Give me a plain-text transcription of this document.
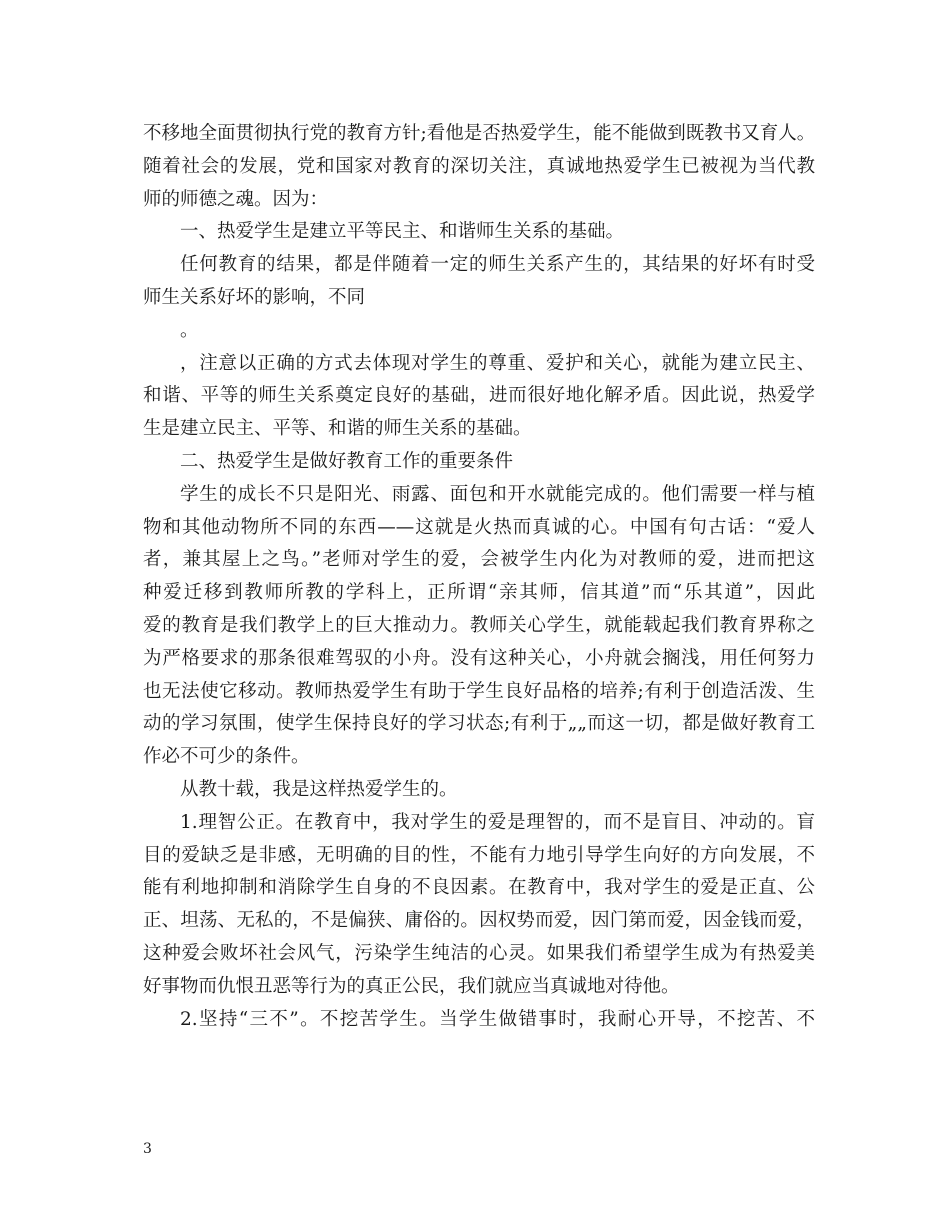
不移地全面贯彻执行党的教育方针;看他是否热爱学生，能不能做到既教书又育人。
随着社会的发展，党和国家对教育的深切关注，真诚地热爱学生已被视为当代教
师的师德之魂。因为：
一、热爱学生是建立平等民主、和谐师生关系的基础。
任何教育的结果，都是伴随着一定的师生关系产生的，其结果的好坏有时受
师生关系好坏的影响，不同
。
，注意以正确的方式去体现对学生的尊重、爱护和关心，就能为建立民主、
和谐、平等的师生关系奠定良好的基础，进而很好地化解矛盾。因此说，热爱学
生是建立民主、平等、和谐的师生关系的基础。
二、热爱学生是做好教育工作的重要条件
学生的成长不只是阳光、雨露、面包和开水就能完成的。他们需要一样与植
物和其他动物所不同的东西——这就是火热而真诚的心。中国有句古话：“爱人
者，兼其屋上之鸟。”老师对学生的爱，会被学生内化为对教师的爱，进而把这
种爱迁移到教师所教的学科上，正所谓“亲其师，信其道”而“乐其道”，因此
爱的教育是我们教学上的巨大推动力。教师关心学生，就能载起我们教育界称之
为严格要求的那条很难驾驭的小舟。没有这种关心，小舟就会搁浅，用任何努力
也无法使它移动。教师热爱学生有助于学生良好品格的培养;有利于创造活泼、生
动的学习氛围，使学生保持良好的学习状态;有利于„„而这一切，都是做好教育工
作必不可少的条件。
从教十载，我是这样热爱学生的。
1.理智公正。在教育中，我对学生的爱是理智的，而不是盲目、冲动的。盲
目的爱缺乏是非感，无明确的目的性，不能有力地引导学生向好的方向发展，不
能有利地抑制和消除学生自身的不良因素。在教育中，我对学生的爱是正直、公
正、坦荡、无私的，不是偏狭、庸俗的。因权势而爱，因门第而爱，因金钱而爱，
这种爱会败坏社会风气，污染学生纯洁的心灵。如果我们希望学生成为有热爱美
好事物而仇恨丑恶等行为的真正公民，我们就应当真诚地对待他。
2.坚持“三不”。不挖苦学生。当学生做错事时，我耐心开导，不挖苦、不
3
